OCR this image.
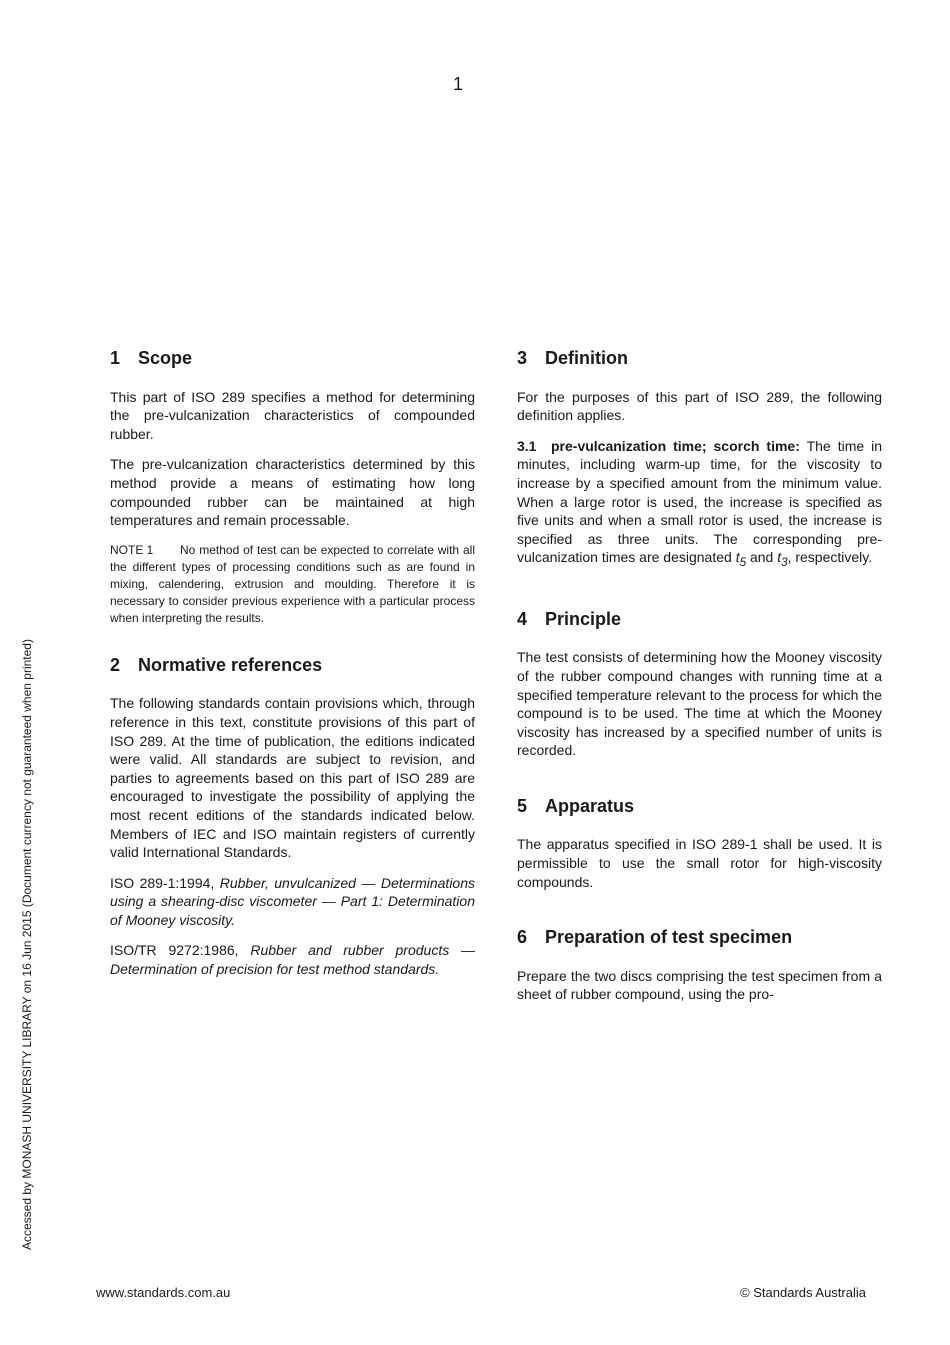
1
1 Scope

This part of ISO 289 specifies a method for determining the pre-vulcanization characteristics of compounded rubber.

The pre-vulcanization characteristics determined by this method provide a means of estimating how long compounded rubber can be maintained at high temperatures and remain processable.

NOTE 1 No method of test can be expected to correlate with all the different types of processing conditions such as are found in mixing, calendering, extrusion and moulding. Therefore it is necessary to consider previous experience with a particular process when interpreting the results.

2 Normative references

The following standards contain provisions which, through reference in this text, constitute provisions of this part of ISO 289. At the time of publication, the editions indicated were valid. All standards are subject to revision, and parties to agreements based on this part of ISO 289 are encouraged to investigate the possibility of applying the most recent editions of the standards indicated below. Members of IEC and ISO maintain registers of currently valid International Standards.

ISO 289-1:1994, Rubber, unvulcanized — Determinations using a shearing-disc viscometer — Part 1: Determination of Mooney viscosity.

ISO/TR 9272:1986, Rubber and rubber products — Determination of precision for test method standards.

3 Definition

For the purposes of this part of ISO 289, the following definition applies.

3.1 pre-vulcanization time; scorch time: The time in minutes, including warm-up time, for the viscosity to increase by a specified amount from the minimum value. When a large rotor is used, the increase is specified as five units and when a small rotor is used, the increase is specified as three units. The corresponding pre-vulcanization times are designated $t_5$ and $t_3$, respectively.

4 Principle

The test consists of determining how the Mooney viscosity of the rubber compound changes with running time at a specified temperature relevant to the process for which the compound is to be used. The time at which the Mooney viscosity has increased by a specified number of units is recorded.

5 Apparatus

The apparatus specified in ISO 289-1 shall be used. It is permissible to use the small rotor for high-viscosity compounds.

6 Preparation of test specimen

Prepare the two discs comprising the test specimen from a sheet of rubber compound, using the pro-

Accessed by MONASH UNIVERSITY LIBRARY on 16 Jun 2015 (Document currency not guaranteed when printed)
www.standards.com.au	© Standards Australia
